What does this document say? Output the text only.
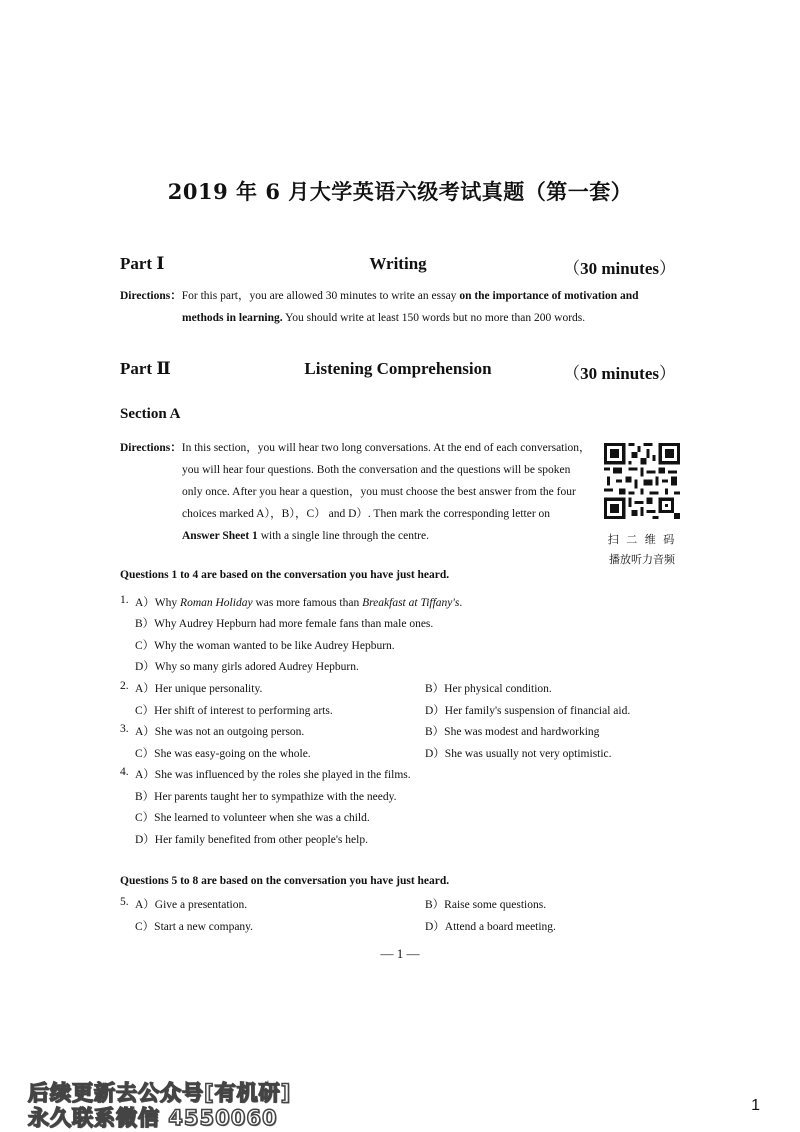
2019 年 6 月大学英语六级考试真题（第一套）
Part Ⅰ	Writing	（30 minutes）
Directions：For this part，you are allowed 30 minutes to write an essay on the importance of motivation and
methods in learning. You should write at least 150 words but no more than 200 words.
Part Ⅱ	Listening Comprehension	（30 minutes）
Section A
Directions：In this section，you will hear two long conversations. At the end of each conversation，
you will hear four questions. Both the conversation and the questions will be spoken
only once. After you hear a question，you must choose the best answer from the four
choices marked A），B），C） and D）. Then mark the corresponding letter on
Answer Sheet 1 with a single line through the centre.	扫 二 维 码
播放听力音频
Questions 1 to 4 are based on the conversation you have just heard.
1. A）Why Roman Holiday was more famous than Breakfast at Tiffany's.
B）Why Audrey Hepburn had more female fans than male ones.
C）Why the woman wanted to be like Audrey Hepburn.
D）Why so many girls adored Audrey Hepburn.
2. A）Her unique personality.	B）Her physical condition.
C）Her shift of interest to performing arts.	D）Her family's suspension of financial aid.
3. A）She was not an outgoing person.	B）She was modest and hardworking
C）She was easy-going on the whole.	D）She was usually not very optimistic.
4. A）She was influenced by the roles she played in the films.
B）Her parents taught her to sympathize with the needy.
C）She learned to volunteer when she was a child.
D）Her family benefited from other people's help.
Questions 5 to 8 are based on the conversation you have just heard.
5. A）Give a presentation.	B）Raise some questions.
C）Start a new company.	D）Attend a board meeting.
— 1 —
后续更新去公众号[有机研]
永久联系微信 4550060
1
